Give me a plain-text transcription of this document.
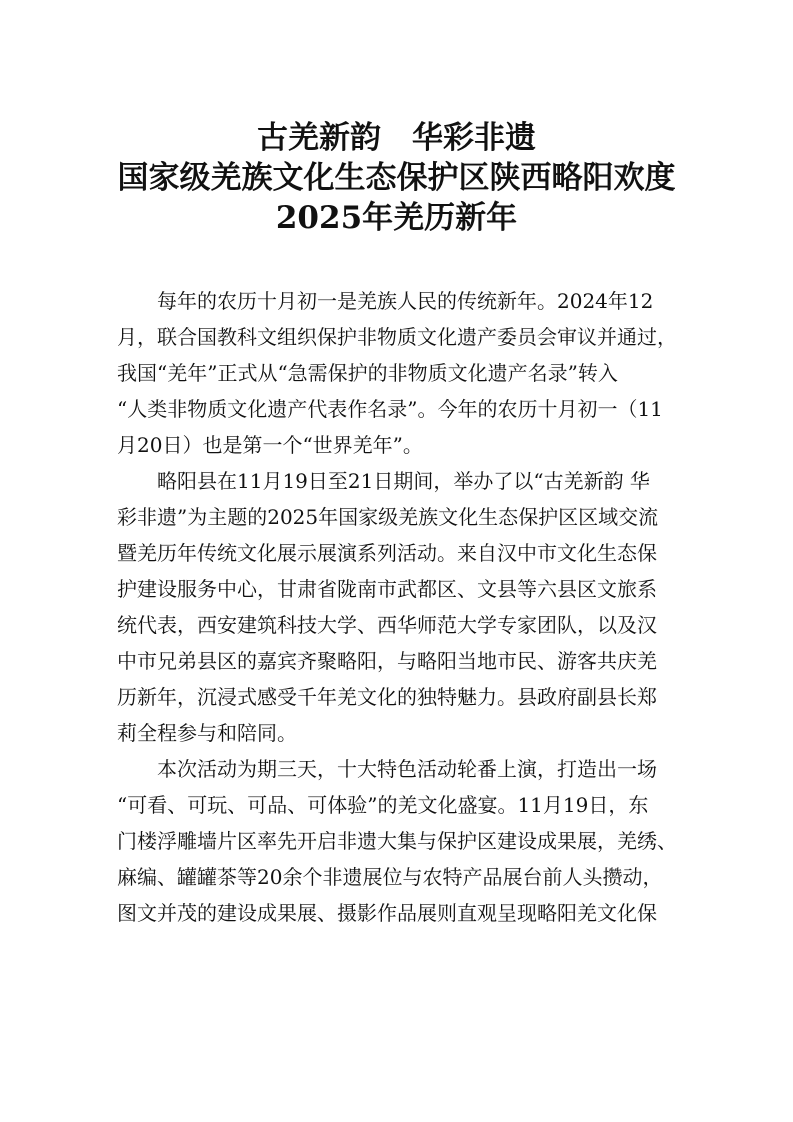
古羌新韵　华彩非遗
国家级羌族文化生态保护区陕西略阳欢度
2025年羌历新年
每年的农历十月初一是羌族人民的传统新年。2024年12
月，联合国教科文组织保护非物质文化遗产委员会审议并通过，
我国“羌年”正式从“急需保护的非物质文化遗产名录”转入
“人类非物质文化遗产代表作名录”。今年的农历十月初一（11
月20日）也是第一个“世界羌年”。
略阳县在11月19日至21日期间，举办了以“古羌新韵 华
彩非遗”为主题的2025年国家级羌族文化生态保护区区域交流
暨羌历年传统文化展示展演系列活动。来自汉中市文化生态保
护建设服务中心，甘肃省陇南市武都区、文县等六县区文旅系
统代表，西安建筑科技大学、西华师范大学专家团队，以及汉
中市兄弟县区的嘉宾齐聚略阳，与略阳当地市民、游客共庆羌
历新年，沉浸式感受千年羌文化的独特魅力。县政府副县长郑
莉全程参与和陪同。
本次活动为期三天，十大特色活动轮番上演，打造出一场
“可看、可玩、可品、可体验”的羌文化盛宴。11月19日，东
门楼浮雕墙片区率先开启非遗大集与保护区建设成果展，羌绣、
麻编、罐罐茶等20余个非遗展位与农特产品展台前人头攒动，
图文并茂的建设成果展、摄影作品展则直观呈现略阳羌文化保
